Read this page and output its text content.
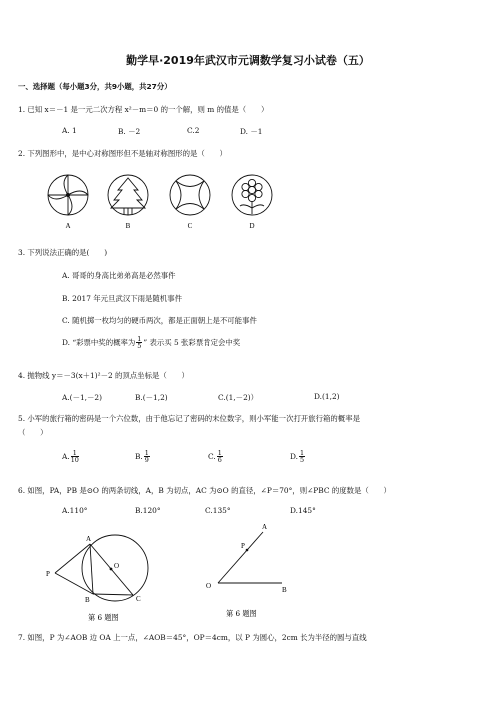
勤学早·2019年武汉市元调数学复习小试卷（五）
一、选择题（每小题3分，共9小题，共27分）
1. 已知 x＝－1 是一元二次方程 x²－m＝0 的一个解，则 m 的值是（　　）
A. 1	B. －2	C.2	D. －1
2. 下列图形中，是中心对称图形但不是轴对称图形的是（　　）
A	B	C	D
3. 下列说法正确的是(　　)
A. 哥哥的身高比弟弟高是必然事件
B. 2017 年元旦武汉下雨是随机事件
C. 随机掷一枚均匀的硬币两次，都是正面朝上是不可能事件
D. “彩票中奖的概率为 $\frac{1}{5}$ ” 表示买 5 张彩票肯定会中奖
4. 抛物线 y＝－3(x＋1)²－2 的顶点坐标是（　　）
A.(－1,－2)	B.(－1,2)	C.(1,－2)）	D.(1,2)
5. 小军的旅行箱的密码是一个六位数，由于他忘记了密码的末位数字，则小军能一次打开旅行箱的概率是
（　　）
A. $\frac{1}{10}$	B. $\frac{1}{9}$	C. $\frac{1}{6}$	D. $\frac{1}{5}$
6. 如图，PA，PB 是⊙O 的两条切线，A，B 为切点，AC 为⊙O 的直径，∠P＝70°，则∠PBC 的度数是（　　）
A.110°	B.120°	C.135°	D.145°
A
P
O
B	C
第 6 题图
A
P
O	B
第 6 题图
7. 如图，P 为∠AOB 边 OA 上一点，∠AOB＝45°，OP＝4cm，以 P 为圆心，2cm 长为半径的圆与直线
